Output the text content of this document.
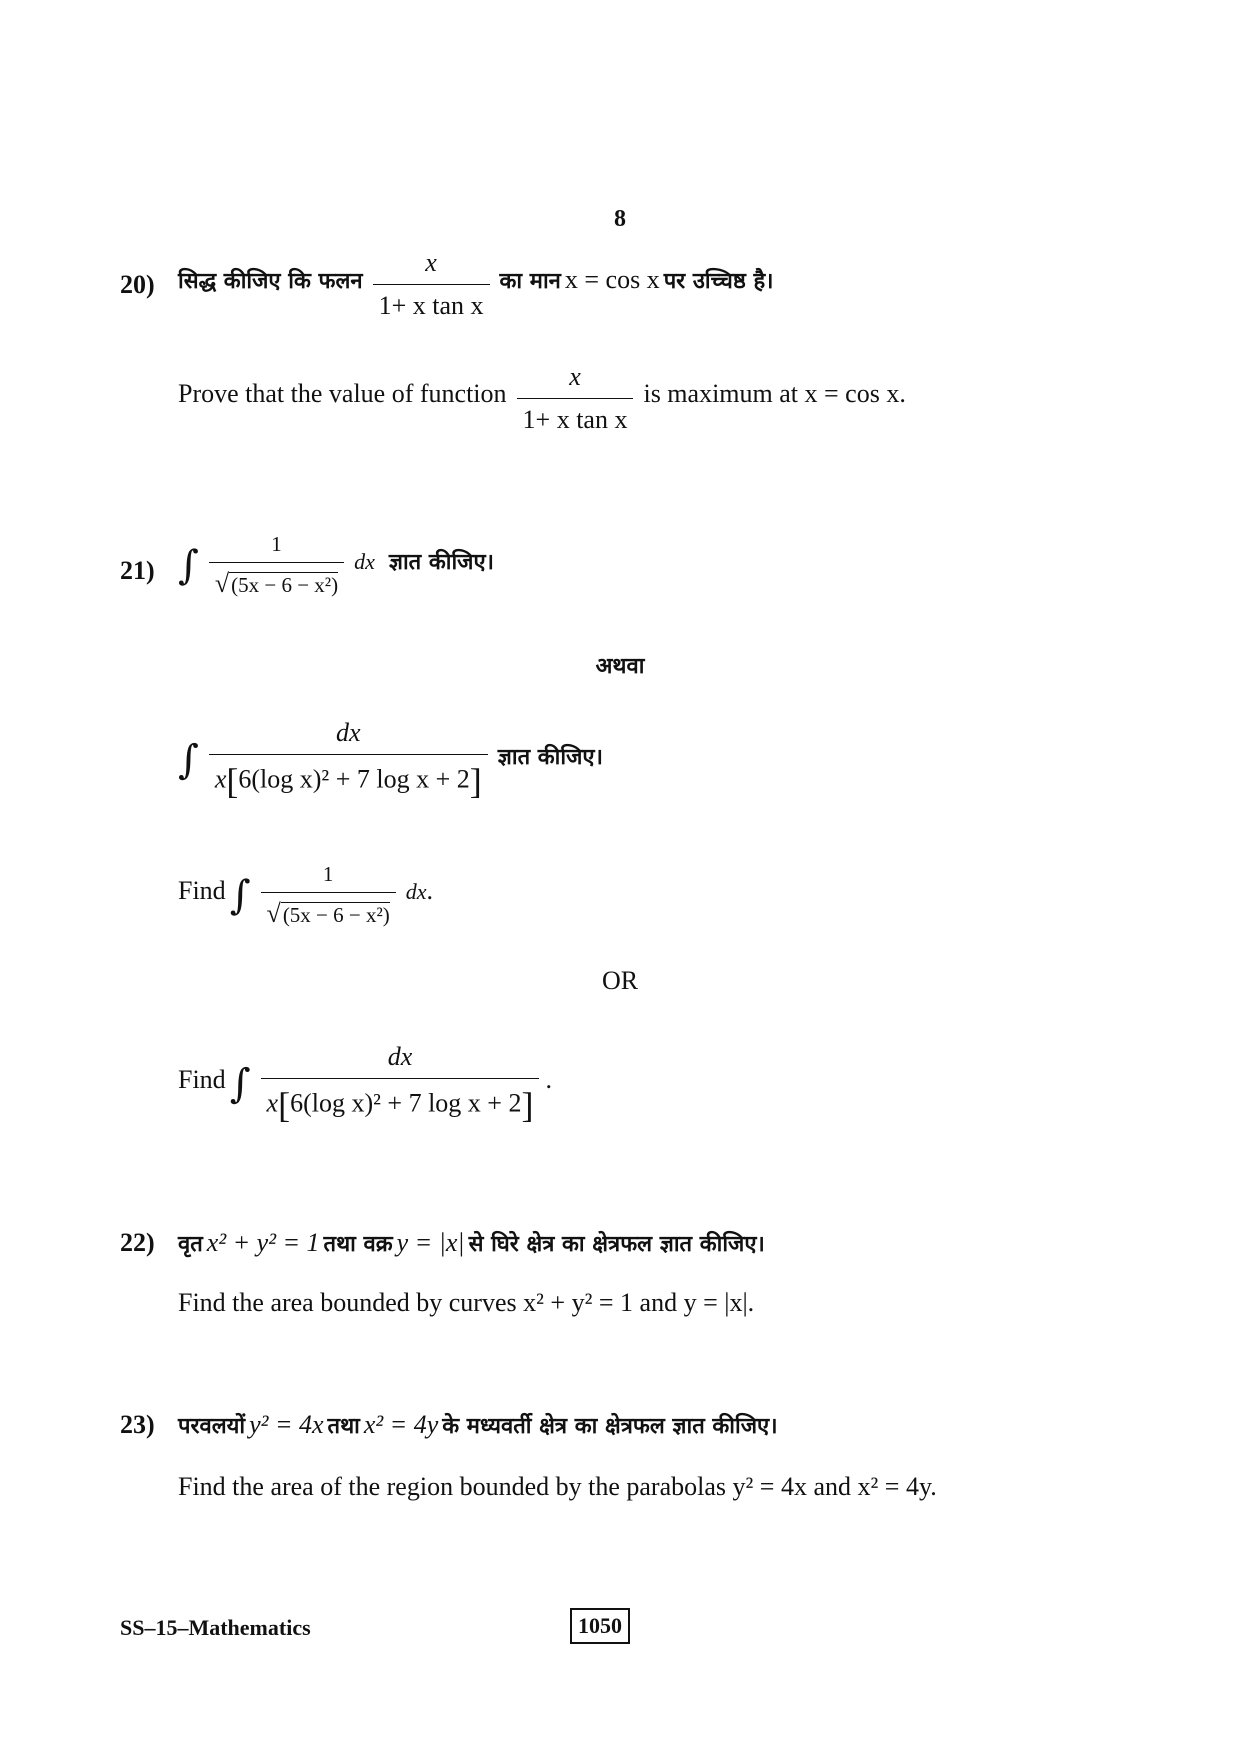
8
20) सिद्ध कीजिए कि फलन $\frac{x}{\text{1+ x tan x}}$ का मान x = cos x पर उच्चिष्ठ है।
Prove that the value of function $\frac{x}{\text{1+ x tan x}}$ is maximum at x = cos x.
21) ∫ $\frac{1}{\text{√(5x − 6 − x²)}}$ dx ज्ञात कीजिए।
अथवा
∫ $\frac{dx}{\text{x[6(log x)² + 7 log x + 2]}}$ ज्ञात कीजिए।
Find ∫ $\frac{1}{\text{√(5x − 6 − x²)}}$ dx.
OR
Find ∫ $\frac{dx}{\text{x[6(log x)² + 7 log x + 2]}}$ .
22) वृत x² + y² = 1 तथा वक्र y = |x| से घिरे क्षेत्र का क्षेत्रफल ज्ञात कीजिए।
Find the area bounded by curves x² + y² = 1 and y = |x|.
23) परवलयों y² = 4x तथा x² = 4y के मध्यवर्ती क्षेत्र का क्षेत्रफल ज्ञात कीजिए।
Find the area of the region bounded by the parabolas y² = 4x and x² = 4y.
SS–15–Mathematics	1050
